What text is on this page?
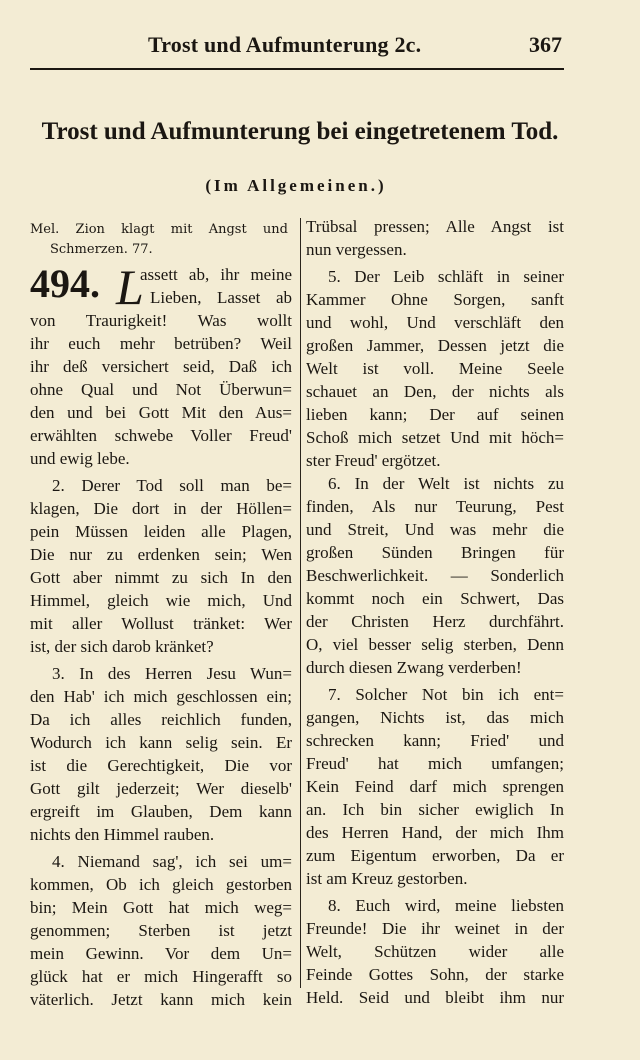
Trost und Aufmunterung 2c.	367
Trost und Aufmunterung bei eingetretenem Tod.
(Im Allgemeinen.)
Mel. Zion klagt mit Angst und
Schmerzen. 77.
494. L
assett ab, ihr meine
Lieben, Lasset ab
von Traurigkeit! Was wollt
ihr euch mehr betrüben? Weil
ihr deß versichert seid, Daß ich
ohne Qual und Not Überwun=
den und bei Gott Mit den Aus=
erwählten schwebe Voller Freud'
und ewig lebe.
2. Derer Tod soll man be=
klagen, Die dort in der Höllen=
pein Müssen leiden alle Plagen,
Die nur zu erdenken sein; Wen
Gott aber nimmt zu sich In den
Himmel, gleich wie mich, Und
mit aller Wollust tränket: Wer
ist, der sich darob kränket?
3. In des Herren Jesu Wun=
den Hab' ich mich geschlossen ein;
Da ich alles reichlich funden,
Wodurch ich kann selig sein. Er
ist die Gerechtigkeit, Die vor
Gott gilt jederzeit; Wer dieselb'
ergreift im Glauben, Dem kann
nichts den Himmel rauben.
4. Niemand sag', ich sei um=
kommen, Ob ich gleich gestorben
bin; Mein Gott hat mich weg=
genommen; Sterben ist jetzt
mein Gewinn. Vor dem Un=
glück hat er mich Hingerafft so
väterlich. Jetzt kann mich kein
Trübsal pressen; Alle Angst ist
nun vergessen.
5. Der Leib schläft in seiner
Kammer Ohne Sorgen, sanft
und wohl, Und verschläft den
großen Jammer, Dessen jetzt die
Welt ist voll. Meine Seele
schauet an Den, der nichts als
lieben kann; Der auf seinen
Schoß mich setzet Und mit höch=
ster Freud' ergötzet.
6. In der Welt ist nichts zu
finden, Als nur Teurung, Pest
und Streit, Und was mehr die
großen Sünden Bringen für
Beschwerlichkeit. — Sonderlich
kommt noch ein Schwert, Das
der Christen Herz durchfährt.
O, viel besser selig sterben, Denn
durch diesen Zwang verderben!
7. Solcher Not bin ich ent=
gangen, Nichts ist, das mich
schrecken kann; Fried' und
Freud' hat mich umfangen;
Kein Feind darf mich sprengen
an. Ich bin sicher ewiglich In
des Herren Hand, der mich Ihm
zum Eigentum erworben, Da er
ist am Kreuz gestorben.
8. Euch wird, meine liebsten
Freunde! Die ihr weinet in der
Welt, Schützen wider alle
Feinde Gottes Sohn, der starke
Held. Seid und bleibt ihm nur
